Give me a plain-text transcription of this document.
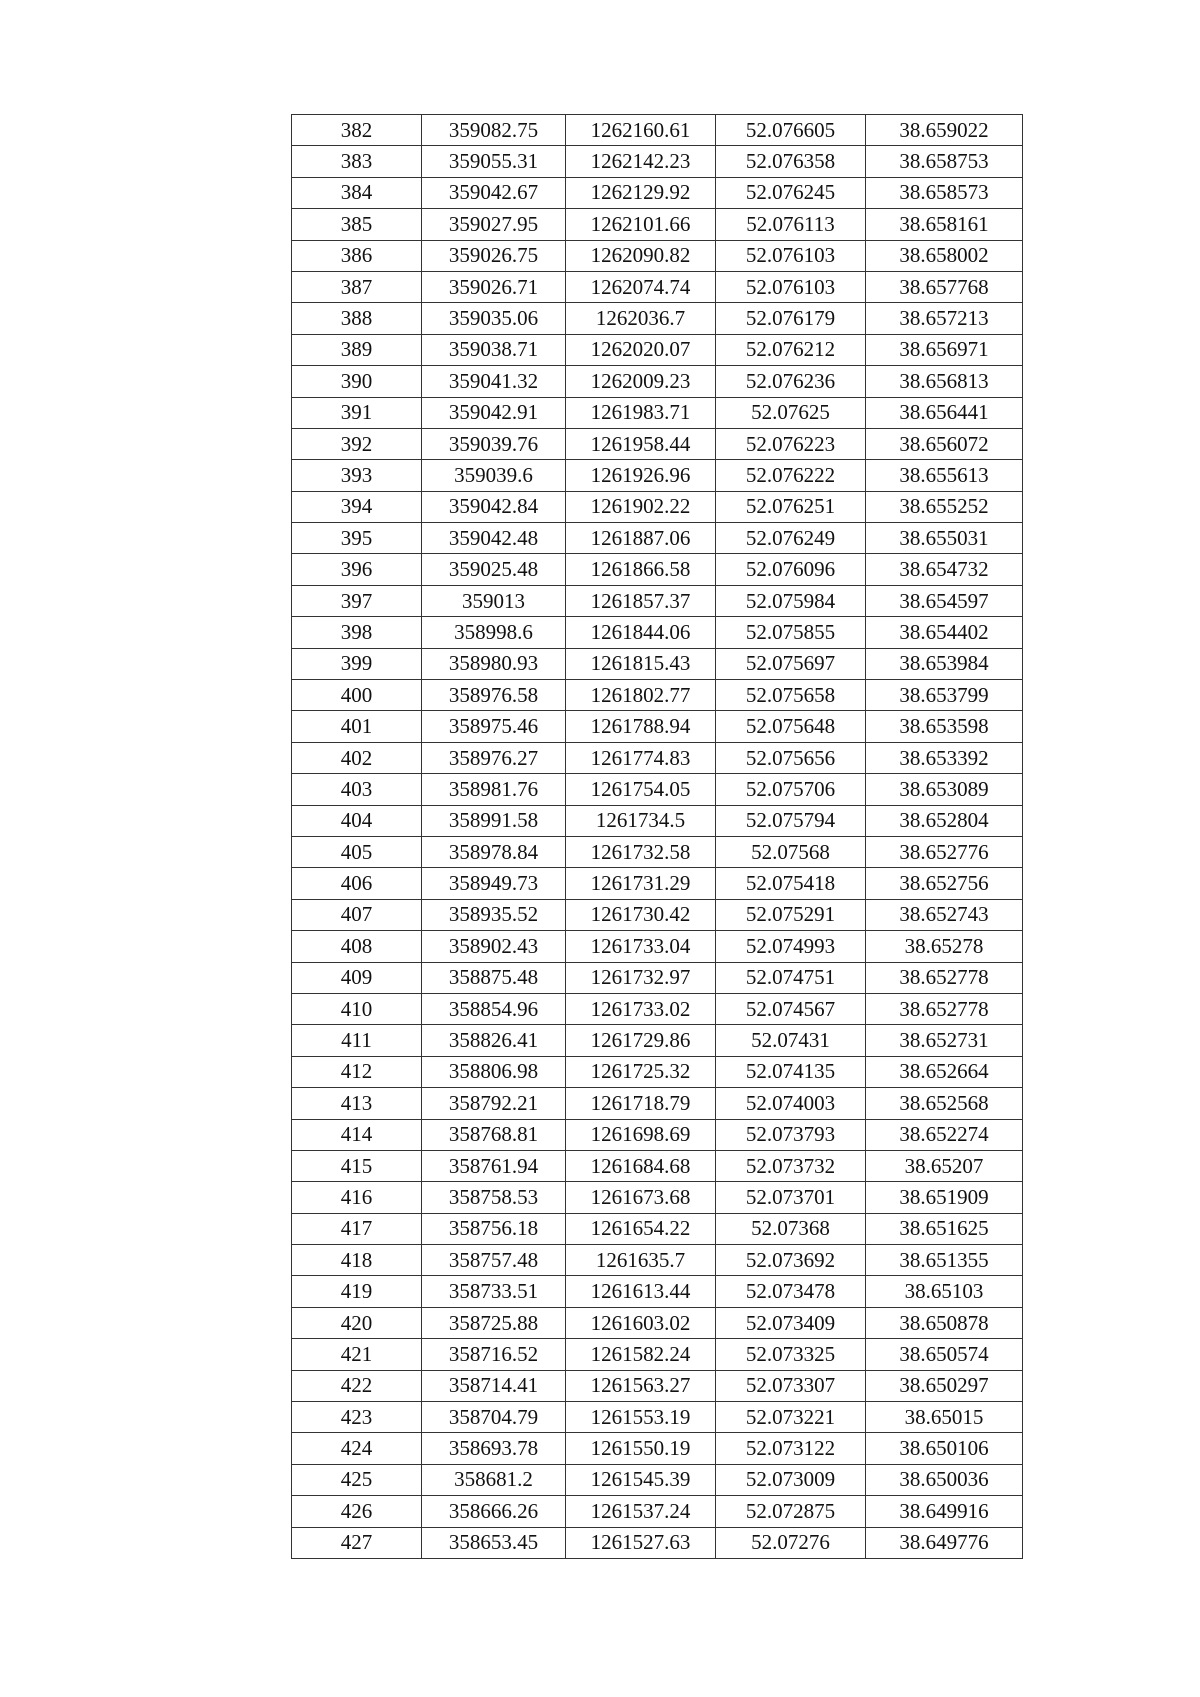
382	359082.75	1262160.61	52.076605	38.659022
383	359055.31	1262142.23	52.076358	38.658753
384	359042.67	1262129.92	52.076245	38.658573
385	359027.95	1262101.66	52.076113	38.658161
386	359026.75	1262090.82	52.076103	38.658002
387	359026.71	1262074.74	52.076103	38.657768
388	359035.06	1262036.7	52.076179	38.657213
389	359038.71	1262020.07	52.076212	38.656971
390	359041.32	1262009.23	52.076236	38.656813
391	359042.91	1261983.71	52.07625	38.656441
392	359039.76	1261958.44	52.076223	38.656072
393	359039.6	1261926.96	52.076222	38.655613
394	359042.84	1261902.22	52.076251	38.655252
395	359042.48	1261887.06	52.076249	38.655031
396	359025.48	1261866.58	52.076096	38.654732
397	359013	1261857.37	52.075984	38.654597
398	358998.6	1261844.06	52.075855	38.654402
399	358980.93	1261815.43	52.075697	38.653984
400	358976.58	1261802.77	52.075658	38.653799
401	358975.46	1261788.94	52.075648	38.653598
402	358976.27	1261774.83	52.075656	38.653392
403	358981.76	1261754.05	52.075706	38.653089
404	358991.58	1261734.5	52.075794	38.652804
405	358978.84	1261732.58	52.07568	38.652776
406	358949.73	1261731.29	52.075418	38.652756
407	358935.52	1261730.42	52.075291	38.652743
408	358902.43	1261733.04	52.074993	38.65278
409	358875.48	1261732.97	52.074751	38.652778
410	358854.96	1261733.02	52.074567	38.652778
411	358826.41	1261729.86	52.07431	38.652731
412	358806.98	1261725.32	52.074135	38.652664
413	358792.21	1261718.79	52.074003	38.652568
414	358768.81	1261698.69	52.073793	38.652274
415	358761.94	1261684.68	52.073732	38.65207
416	358758.53	1261673.68	52.073701	38.651909
417	358756.18	1261654.22	52.07368	38.651625
418	358757.48	1261635.7	52.073692	38.651355
419	358733.51	1261613.44	52.073478	38.65103
420	358725.88	1261603.02	52.073409	38.650878
421	358716.52	1261582.24	52.073325	38.650574
422	358714.41	1261563.27	52.073307	38.650297
423	358704.79	1261553.19	52.073221	38.65015
424	358693.78	1261550.19	52.073122	38.650106
425	358681.2	1261545.39	52.073009	38.650036
426	358666.26	1261537.24	52.072875	38.649916
427	358653.45	1261527.63	52.07276	38.649776
